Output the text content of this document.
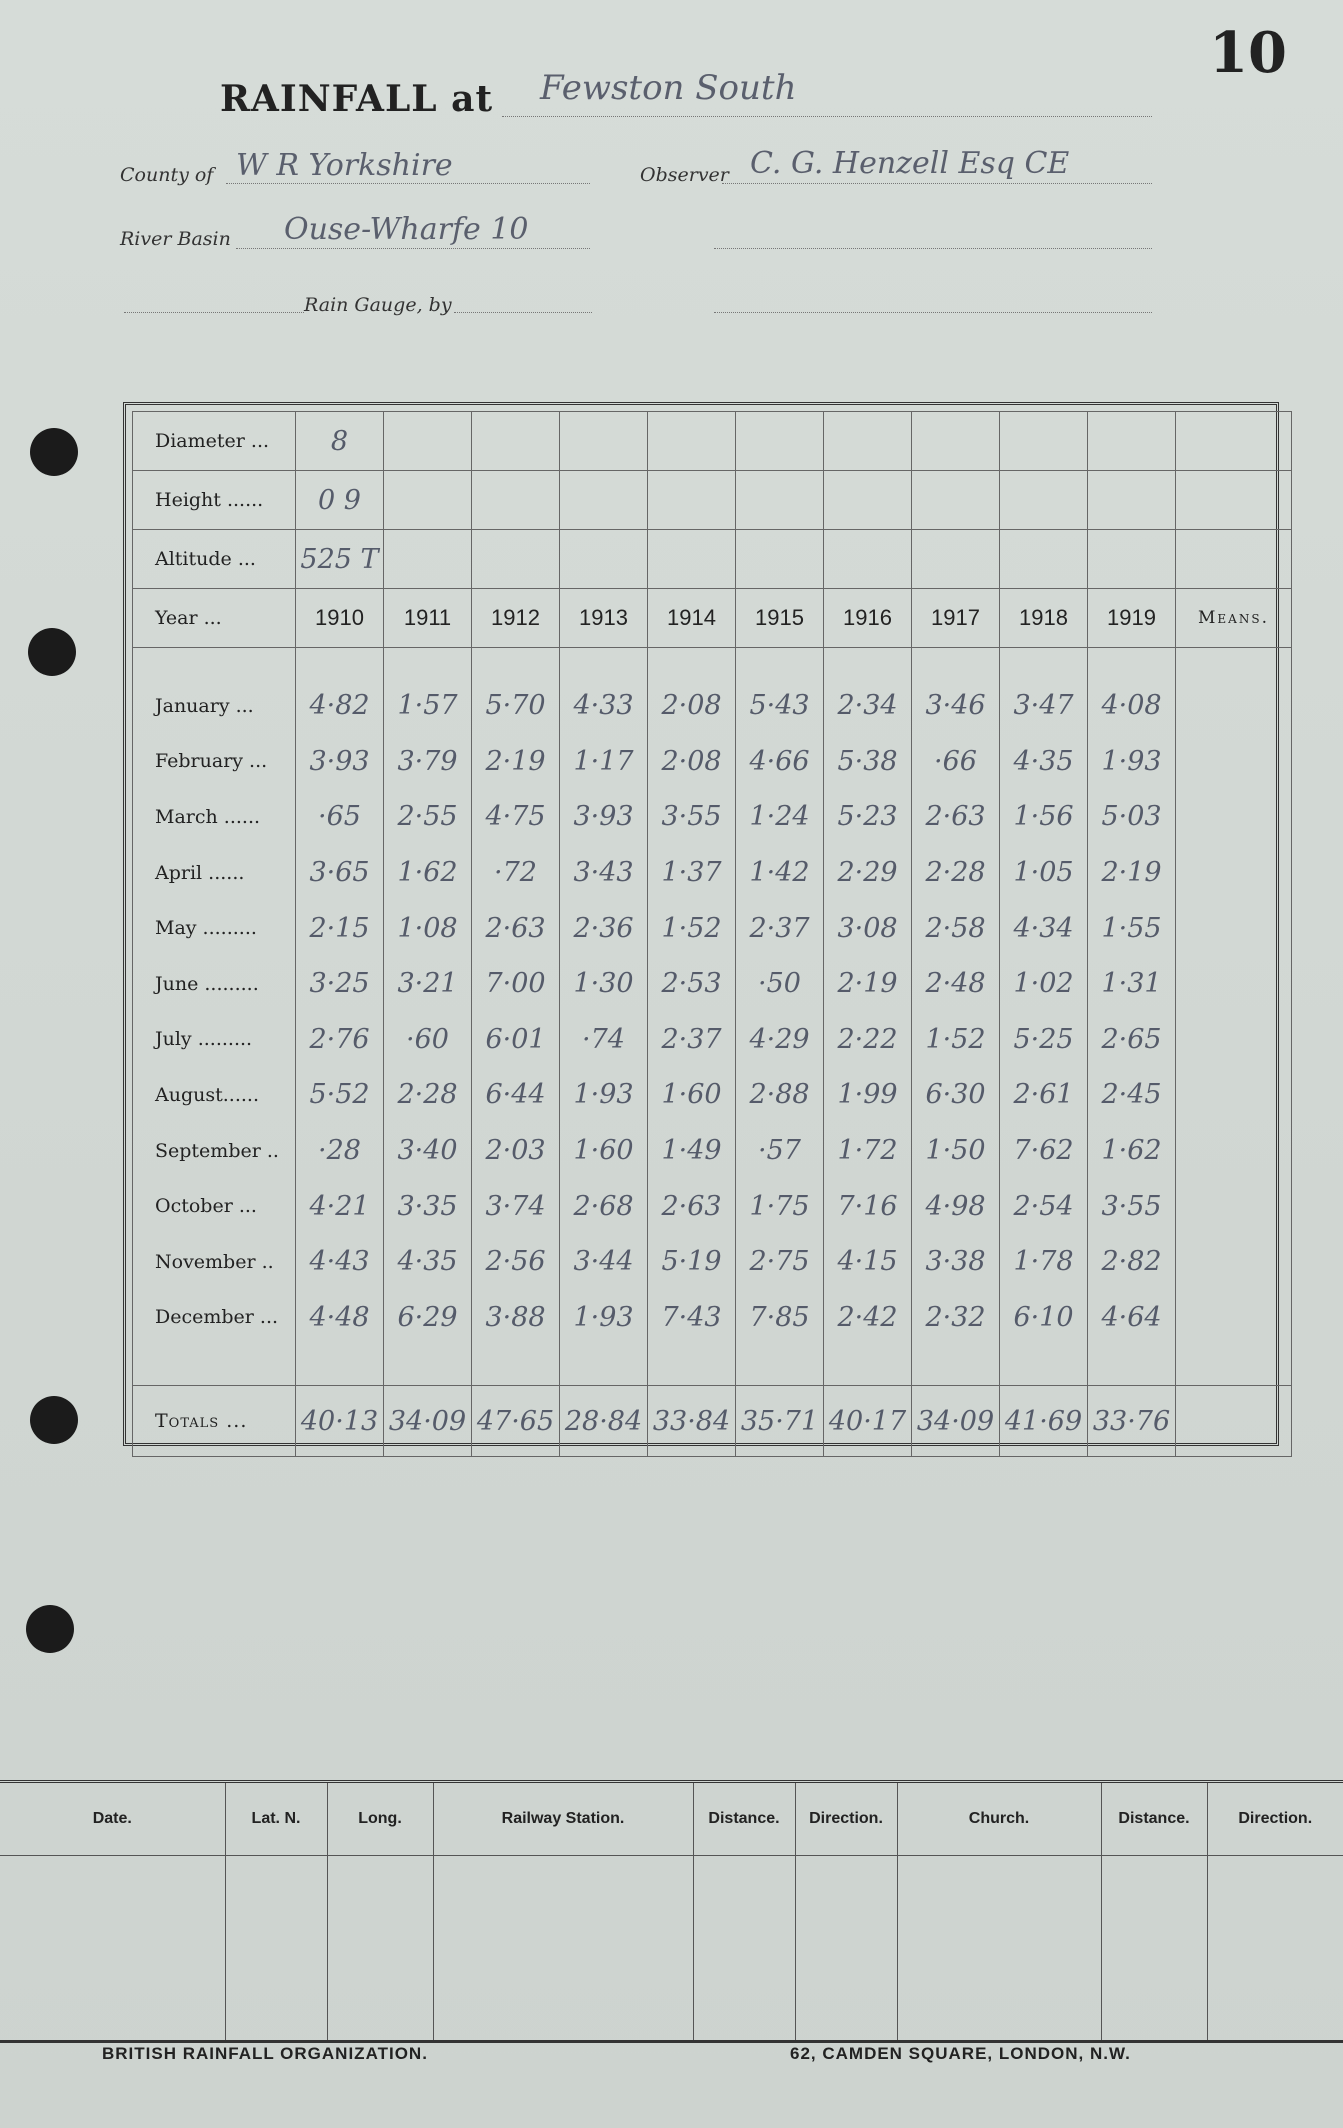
10
RAINFALL at Fewston South
County of W R Yorkshire	Observer C. G. Henzell Esq CE
River Basin Ouse-Wharfe 10
Rain Gauge, by
Diameter ...	8										
Height ......	0 9										
Altitude ...	525 T										
Year ...	1910	1911	1912	1913	1914	1915	1916	1917	1918	1919	Means.

January ...	4·82	1·57	5·70	4·33	2·08	5·43	2·34	3·46	3·47	4·08	
February ...	3·93	3·79	2·19	1·17	2·08	4·66	5·38	·66	4·35	1·93	
March ......	·65	2·55	4·75	3·93	3·55	1·24	5·23	2·63	1·56	5·03	
April ......	3·65	1·62	·72	3·43	1·37	1·42	2·29	2·28	1·05	2·19	
May .........	2·15	1·08	2·63	2·36	1·52	2·37	3·08	2·58	4·34	1·55	
June .........	3·25	3·21	7·00	1·30	2·53	·50	2·19	2·48	1·02	1·31	
July .........	2·76	·60	6·01	·74	2·37	4·29	2·22	1·52	5·25	2·65	
August......	5·52	2·28	6·44	1·93	1·60	2·88	1·99	6·30	2·61	2·45	
September ..	·28	3·40	2·03	1·60	1·49	·57	1·72	1·50	7·62	1·62	
October ...	4·21	3·35	3·74	2·68	2·63	1·75	7·16	4·98	2·54	3·55	
November ..	4·43	4·35	2·56	3·44	5·19	2·75	4·15	3·38	1·78	2·82	
December ...	4·48	6·29	3·88	1·93	7·43	7·85	2·42	2·32	6·10	4·64	

Totals ...	40·13	34·09	47·65	28·84	33·84	35·71	40·17	34·09	41·69	33·76	
Date.	Lat. N.	Long.	Railway Station.	Distance.	Direction.	Church.	Distance.	Direction.

BRITISH RAINFALL ORGANIZATION.	62, CAMDEN SQUARE, LONDON, N.W.
